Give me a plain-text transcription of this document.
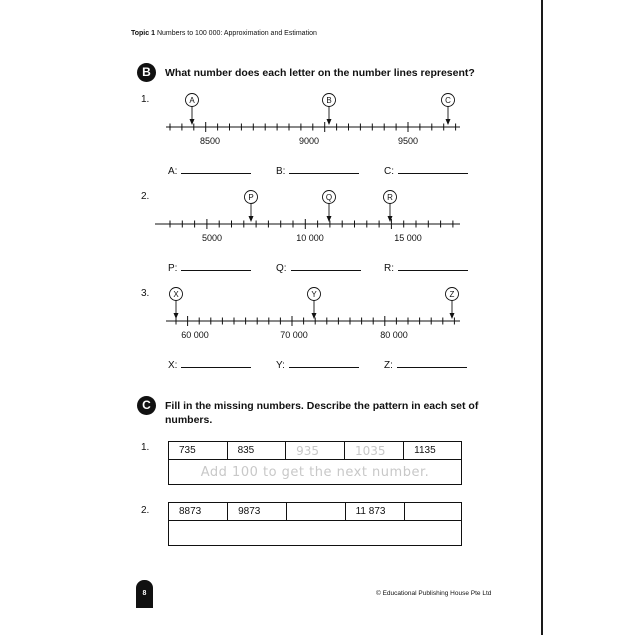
Topic 1 Numbers to 100 000: Approximation and Estimation
B	What number does each letter on the number lines represent?
1.
2.
3.
8500	9000	9500
A	B	C
5000	10 000	15 000
P	Q	R
60 000	70 000	80 000
X	Y	Z
A:	B:	C:
P:	Q:	R:
X:	Y:	Z:
C	Fill in the missing numbers. Describe the pattern in each set of
numbers.
1.	735	835	935	1035	1135
Add 100 to get the next number.
2.	8873	9873		11 873	

8	© Educational Publishing House Pte Ltd
